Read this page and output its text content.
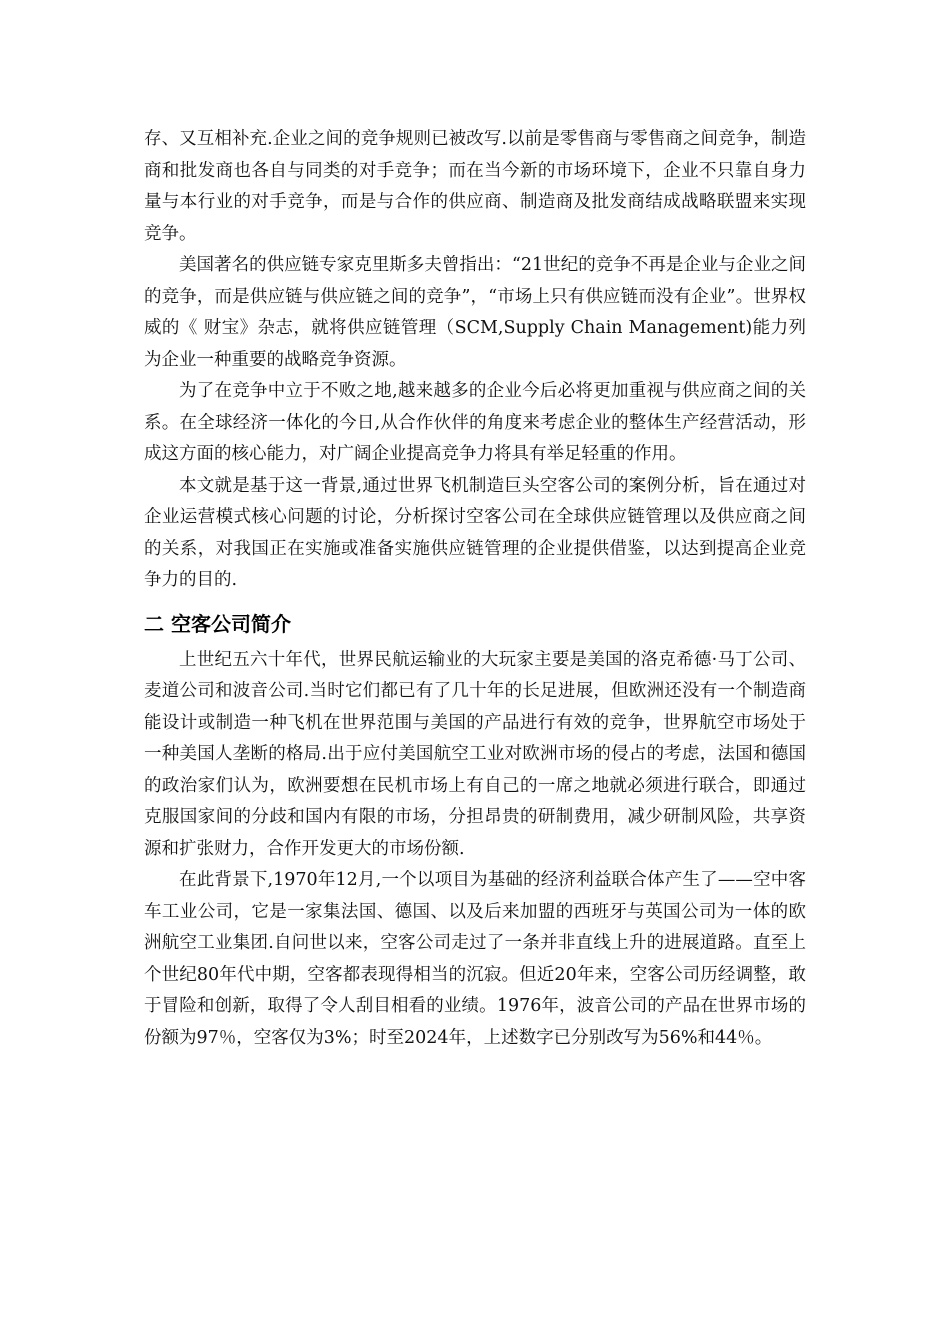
存、又互相补充.企业之间的竞争规则已被改写.以前是零售商与零售商之间竞争，制造商和批发商也各自与同类的对手竞争；而在当今新的市场环境下，企业不只靠自身力量与本行业的对手竞争，而是与合作的供应商、制造商及批发商结成战略联盟来实现竞争。

美国著名的供应链专家克里斯多夫曾指出：“21世纪的竞争不再是企业与企业之间的竞争，而是供应链与供应链之间的竞争”，“市场上只有供应链而没有企业”。世界权威的《 财宝》杂志，就将供应链管理（SCM,Supply Chain Management)能力列为企业一种重要的战略竞争资源。

为了在竞争中立于不败之地,越来越多的企业今后必将更加重视与供应商之间的关系。在全球经济一体化的今日,从合作伙伴的角度来考虑企业的整体生产经营活动，形成这方面的核心能力，对广阔企业提高竞争力将具有举足轻重的作用。

本文就是基于这一背景,通过世界飞机制造巨头空客公司的案例分析，旨在通过对企业运营模式核心问题的讨论，分析探讨空客公司在全球供应链管理以及供应商之间的关系，对我国正在实施或准备实施供应链管理的企业提供借鉴，以达到提高企业竞争力的目的.

二 空客公司简介

上世纪五六十年代，世界民航运输业的大玩家主要是美国的洛克希德·马丁公司、麦道公司和波音公司.当时它们都已有了几十年的长足进展，但欧洲还没有一个制造商能设计或制造一种飞机在世界范围与美国的产品进行有效的竞争，世界航空市场处于一种美国人垄断的格局.出于应付美国航空工业对欧洲市场的侵占的考虑，法国和德国的政治家们认为，欧洲要想在民机市场上有自己的一席之地就必须进行联合，即通过克服国家间的分歧和国内有限的市场，分担昂贵的研制费用，减少研制风险，共享资源和扩张财力，合作开发更大的市场份额.

在此背景下,1970年12月,一个以项目为基础的经济利益联合体产生了——空中客车工业公司，它是一家集法国、德国、以及后来加盟的西班牙与英国公司为一体的欧洲航空工业集团.自问世以来，空客公司走过了一条并非直线上升的进展道路。直至上个世纪80年代中期，空客都表现得相当的沉寂。但近20年来，空客公司历经调整，敢于冒险和创新，取得了令人刮目相看的业绩。1976年，波音公司的产品在世界市场的份额为97％，空客仅为3%；时至2024年，上述数字已分别改写为56%和44％。
